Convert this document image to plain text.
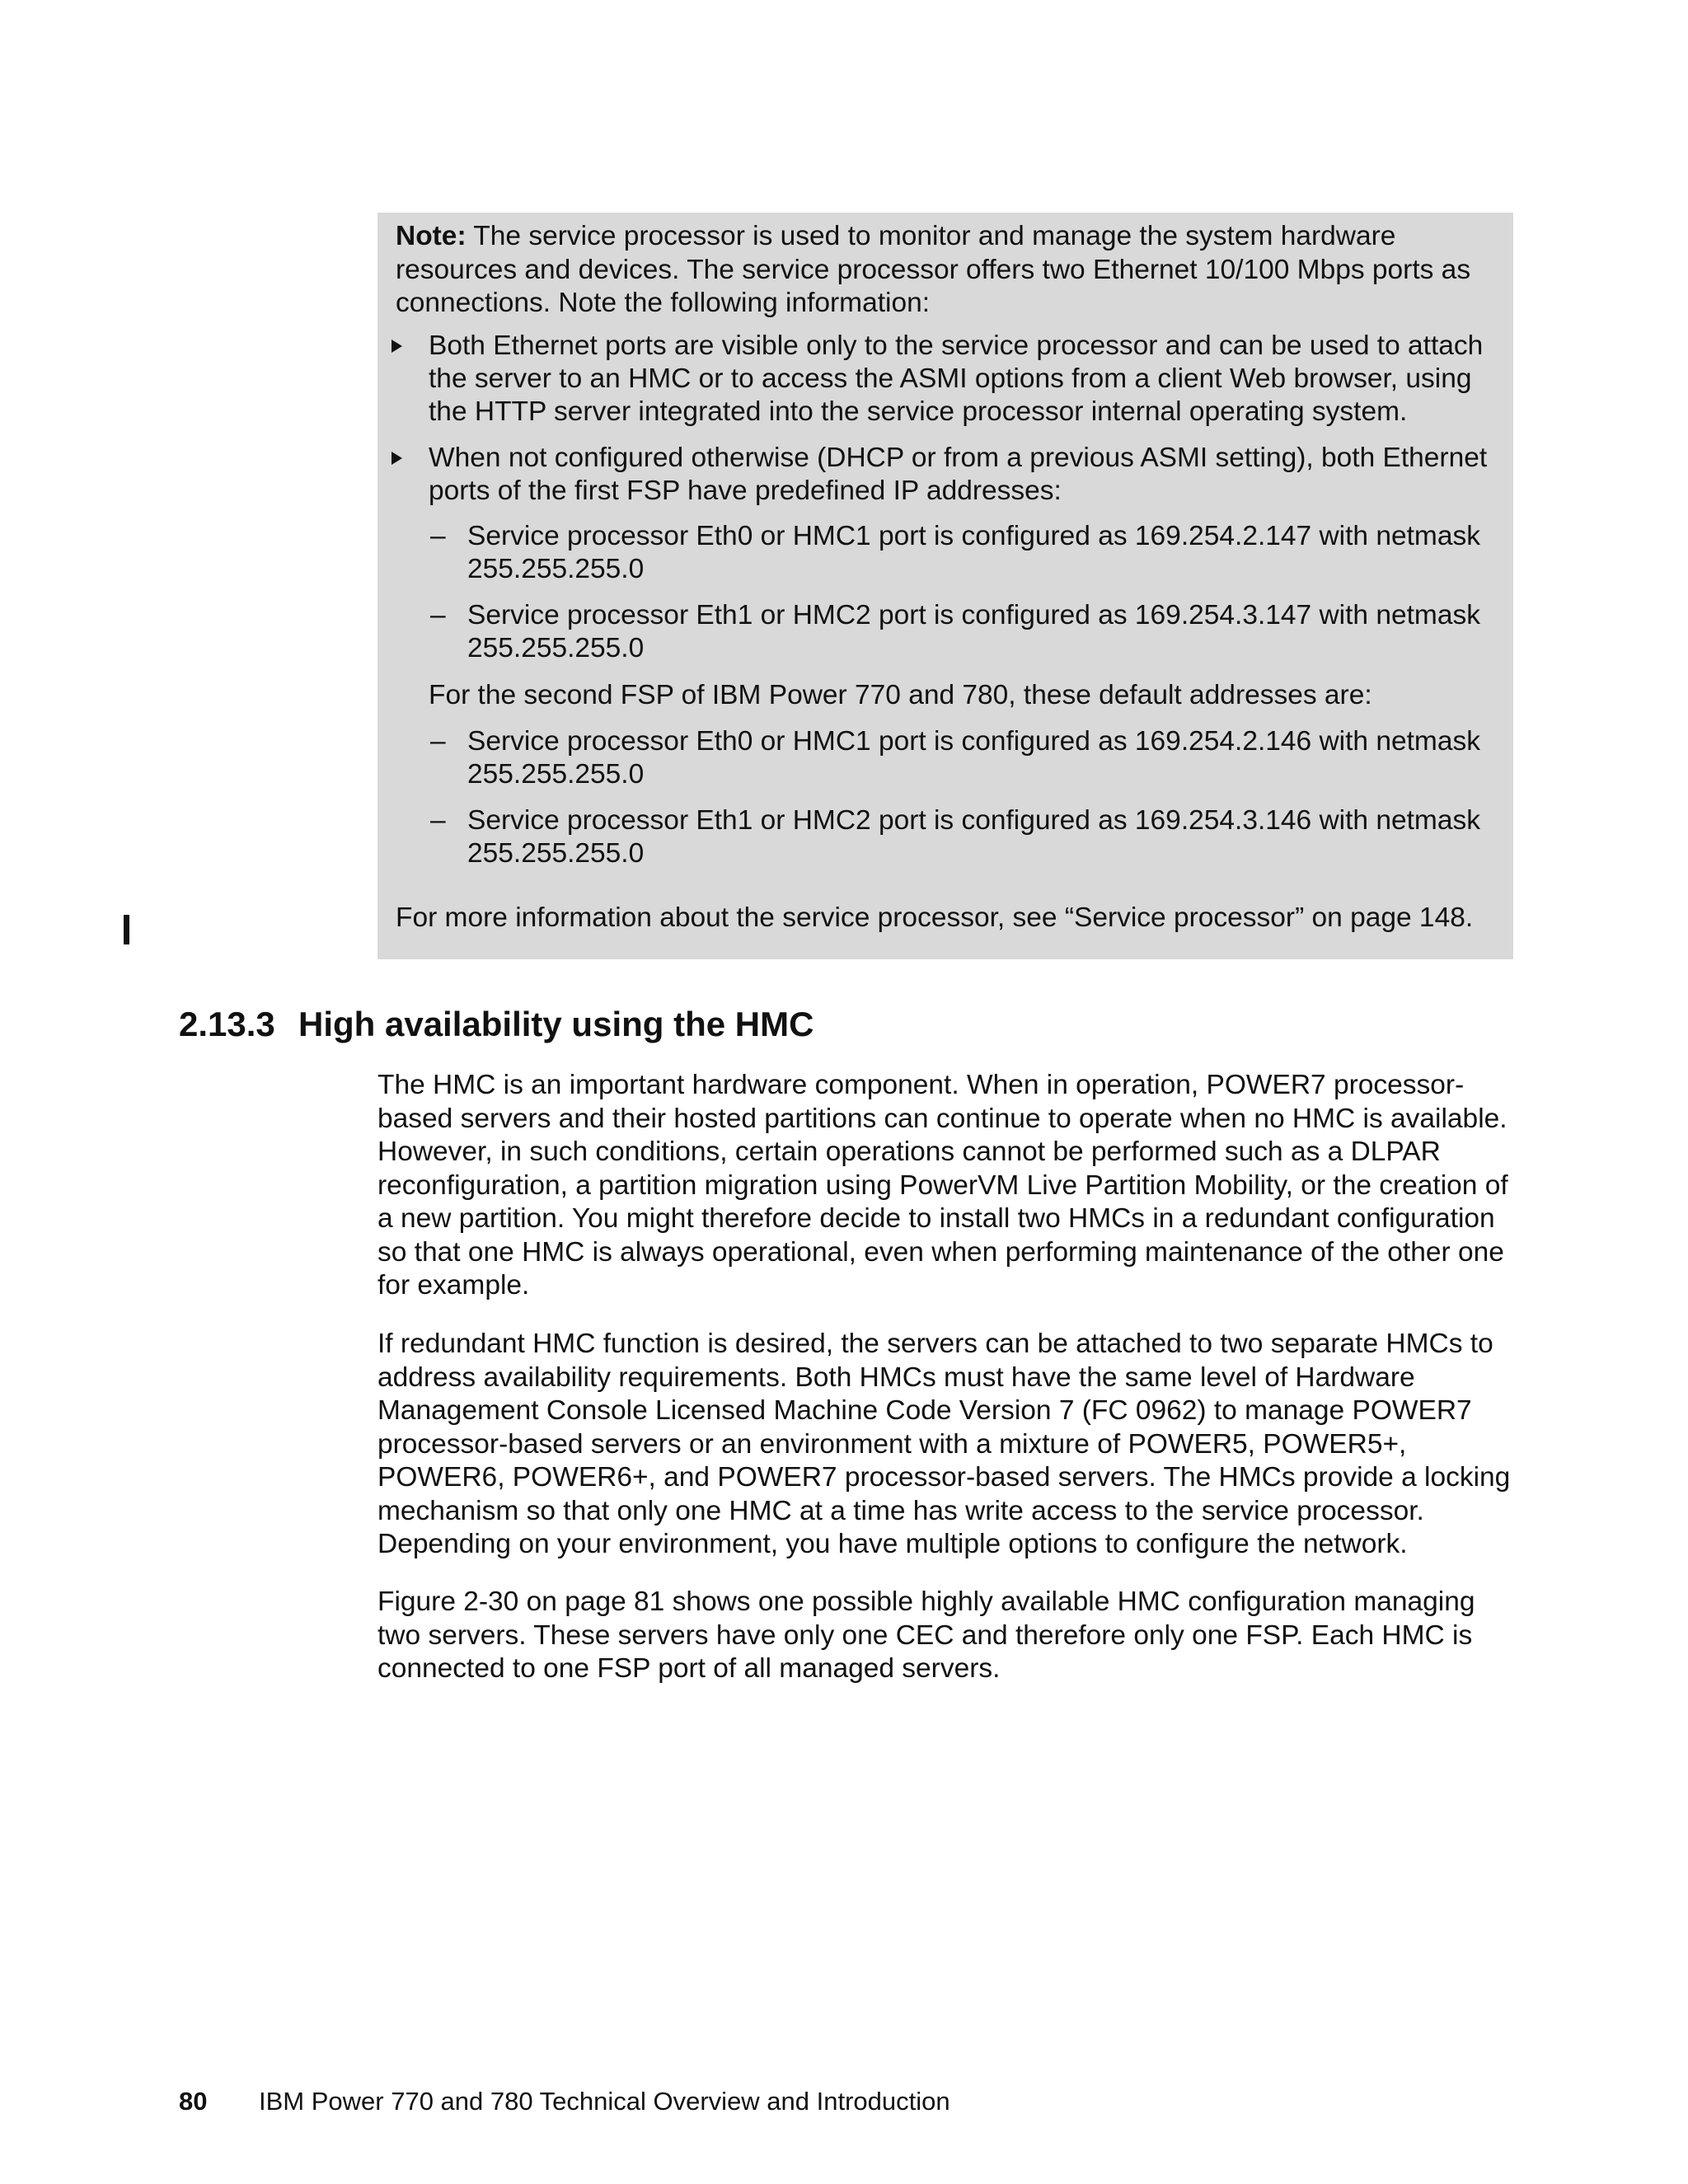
Note: The service processor is used to monitor and manage the system hardware resources and devices. The service processor offers two Ethernet 10/100 Mbps ports as connections. Note the following information:

Both Ethernet ports are visible only to the service processor and can be used to attach

the server to an HMC or to access the ASMI options from a client Web browser, using

the HTTP server integrated into the service processor internal operating system.

When not configured otherwise (DHCP or from a previous ASMI setting), both Ethernet

ports of the first FSP have predefined IP addresses:

– Service processor Eth0 or HMC1 port is configured as 169.254.2.147 with netmask

255.255.255.0

– Service processor Eth1 or HMC2 port is configured as 169.254.3.147 with netmask

255.255.255.0

For the second FSP of IBM Power 770 and 780, these default addresses are:

– Service processor Eth0 or HMC1 port is configured as 169.254.2.146 with netmask

255.255.255.0

– Service processor Eth1 or HMC2 port is configured as 169.254.3.146 with netmask

255.255.255.0

For more information about the service processor, see “Service processor” on page 148.

2.13.3 High availability using the HMC

The HMC is an important hardware component. When in operation, POWER7 processor-based servers and their hosted partitions can continue to operate when no HMC is available. However, in such conditions, certain operations cannot be performed such as a DLPAR reconfiguration, a partition migration using PowerVM Live Partition Mobility, or the creation of a new partition. You might therefore decide to install two HMCs in a redundant configuration so that one HMC is always operational, even when performing maintenance of the other one for example.

If redundant HMC function is desired, the servers can be attached to two separate HMCs to address availability requirements. Both HMCs must have the same level of Hardware Management Console Licensed Machine Code Version 7 (FC 0962) to manage POWER7 processor-based servers or an environment with a mixture of POWER5, POWER5+, POWER6, POWER6+, and POWER7 processor-based servers. The HMCs provide a locking mechanism so that only one HMC at a time has write access to the service processor. Depending on your environment, you have multiple options to configure the network.

Figure 2-30 on page 81 shows one possible highly available HMC configuration managing two servers. These servers have only one CEC and therefore only one FSP. Each HMC is connected to one FSP port of all managed servers.

80 IBM Power 770 and 780 Technical Overview and Introduction
